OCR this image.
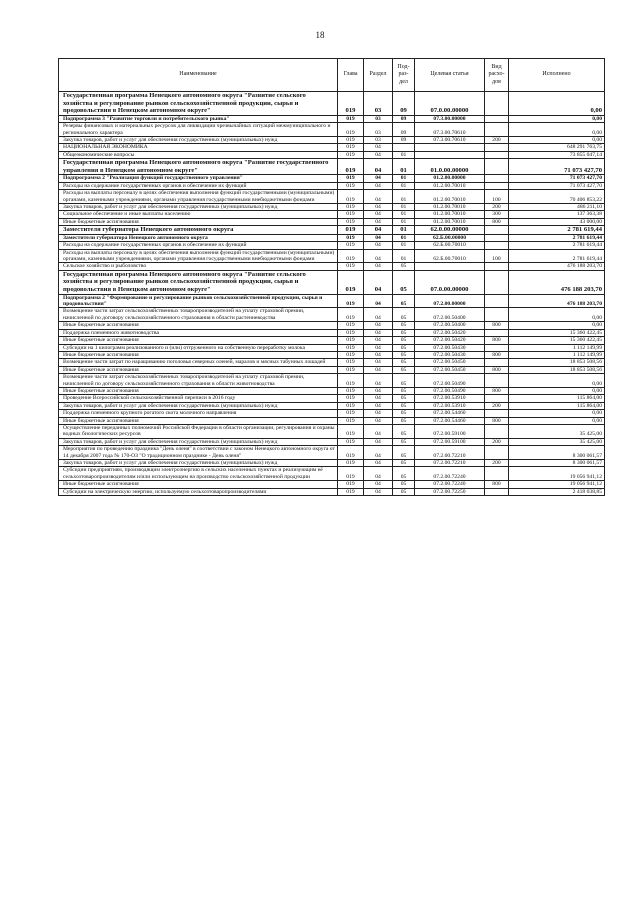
18
Наименование	Глава	Раздел	Под-
раз-
дел	Целевая статья	Вид
расхо-
дов	Исполнено
Государственная программа Ненецкого автономного округа "Развитие сельского хозяйства и регулирование рынков сельскохозяйственной продукции, сырья и продовольствия в Ненецком автономном округе"	019	03	09	07.0.00.00000		0,00
Подпрограмма 3 "Развитие торговли и потребительского рынка"	019	03	09	07.3.00.00000		0,00
Резервы финансовых и материальных ресурсов для ликвидации чрезвычайных ситуаций межмуниципального и регионального характера	019	03	09	07.3.00.70610		0,00
Закупка товаров, работ и услуг для обеспечения государственных (муниципальных) нужд	019	03	09	07.3.00.70610	200	0,00
НАЦИОНАЛЬНАЯ ЭКОНОМИКА	019	04				648 291 763,75
Общеэкономические вопросы	019	04	01			73 855 047,14
Государственная программа Ненецкого автономного округа "Развитие государственного управления в Ненецком автономном округе"	019	04	01	01.0.00.00000		71 073 427,70
Подпрограмма 2 "Реализация функций государственного управления"	019	04	01	01.2.00.00000		71 073 427,70
Расходы на содержание государственных органов и обеспечение их функций	019	04	01	01.2.00.70010		71 073 427,70
Расходы на выплаты персоналу в целях обеспечения выполнения функций государственными (муниципальными) органами, казенными учреждениями, органами управления государственными внебюджетными фондами	019	04	01	01.2.00.70010	100	70 406 853,22
Закупка товаров, работ и услуг для обеспечения государственных (муниципальных) нужд	019	04	01	01.2.00.70010	200	486 211,10
Социальное обеспечение и иные выплаты населению	019	04	01	01.2.00.70010	300	137 363,38
Иные бюджетные ассигнования	019	04	01	01.2.00.70010	800	43 000,00
Заместителя губернатора Ненецкого автономного округа	019	04	01	62.0.00.00000		2 781 619,44
Заместители губернатора Ненецкого автономного округа	019	04	01	62.Б.00.00000		2 781 619,44
Расходы на содержание государственных органов и обеспечение их функций	019	04	01	62.Б.00.70010		2 781 619,44
Расходы на выплаты персоналу в целях обеспечения выполнения функций государственными (муниципальными) органами, казенными учреждениями, органами управления государственными внебюджетными фондами	019	04	01	62.Б.00.70010	100	2 781 619,44
Сельское хозяйство и рыболовство	019	04	05			476 188 203,70
Государственная программа Ненецкого автономного округа "Развитие сельского хозяйства и регулирование рынков сельскохозяйственной продукции, сырья и продовольствия в Ненецком автономном округе"	019	04	05	07.0.00.00000		476 188 203,70
Подпрограмма 2 "Формирование и регулирование рынков сельскохозяйственной продукции, сырья и продовольствия"	019	04	05	07.2.00.00000		476 188 203,70
Возмещение части затрат сельскохозяйственных товаропроизводителей на уплату страховой премии, начисленной по договору сельскохозяйственного страхования в области растениеводства	019	04	05	07.2.00.50400		0,00
Иные бюджетные ассигнования	019	04	05	07.2.00.50400	800	0,00
Поддержка племенного животноводства	019	04	05	07.2.00.50420		15 360 422,45
Иные бюджетные ассигнования	019	04	05	07.2.00.50420	800	15 360 422,45
Субсидии на 1 килограмм реализованного и (или) отгруженного на собственную переработку молока	019	04	05	07.2.00.50430		1 112 149,99
Иные бюджетные ассигнования	019	04	05	07.2.00.50430	800	1 112 149,99
Возмещение части затрат по наращиванию поголовья северных оленей, маралов и мясных табунных лошадей	019	04	05	07.2.00.50450		18 853 508,56
Иные бюджетные ассигнования	019	04	05	07.2.00.50450	800	18 853 508,56
Возмещение части затрат сельскохозяйственных товаропроизводителей на уплату страховой премии, начисленной по договору сельскохозяйственного страхования в области животноводства	019	04	05	07.2.00.50490		0,00
Иные бюджетные ассигнования	019	04	05	07.2.00.50490	800	0,00
Проведение Всероссийской сельскохозяйственной переписи в 2016 году	019	04	05	07.2.00.53910		115 864,00
Закупка товаров, работ и услуг для обеспечения государственных (муниципальных) нужд	019	04	05	07.2.00.53910	200	115 864,00
Поддержка племенного крупного рогатого скота молочного направления	019	04	05	07.2.00.54460		0,00
Иные бюджетные ассигнования	019	04	05	07.2.00.54460	800	0,00
Осуществление переданных полномочий Российской Федерации в области организации, регулирования и охраны водных биологических ресурсов	019	04	05	07.2.00.59100		35 425,00
Закупка товаров, работ и услуг для обеспечения государственных (муниципальных) нужд	019	04	05	07.2.00.59100	200	35 425,00
Мероприятия по проведению праздника "День оленя" в соответствии с законом Ненецкого автономного округа от 14 декабря 2007 года № 170-ОЗ "О традиционном празднике - День оленя"	019	04	05	07.2.00.72210		8 300 061,57
Закупка товаров, работ и услуг для обеспечения государственных (муниципальных) нужд	019	04	05	07.2.00.72210	200	8 300 061,57
Субсидии предприятиям, производящим электроэнергию в сельских населенных пунктах и реализующим её сельхозтоваропроизводителям и/или использующим на производство сельскохозяйственной продукции	019	04	05	07.2.00.72240		19 056 941,12
Иные бюджетные ассигнования	019	04	05	07.2.00.72240	800	19 056 941,12
Субсидии на электрическую энергию, используемую сельхозтоваропроизводителями	019	04	05	07.2.00.72250		2 418 038,85
